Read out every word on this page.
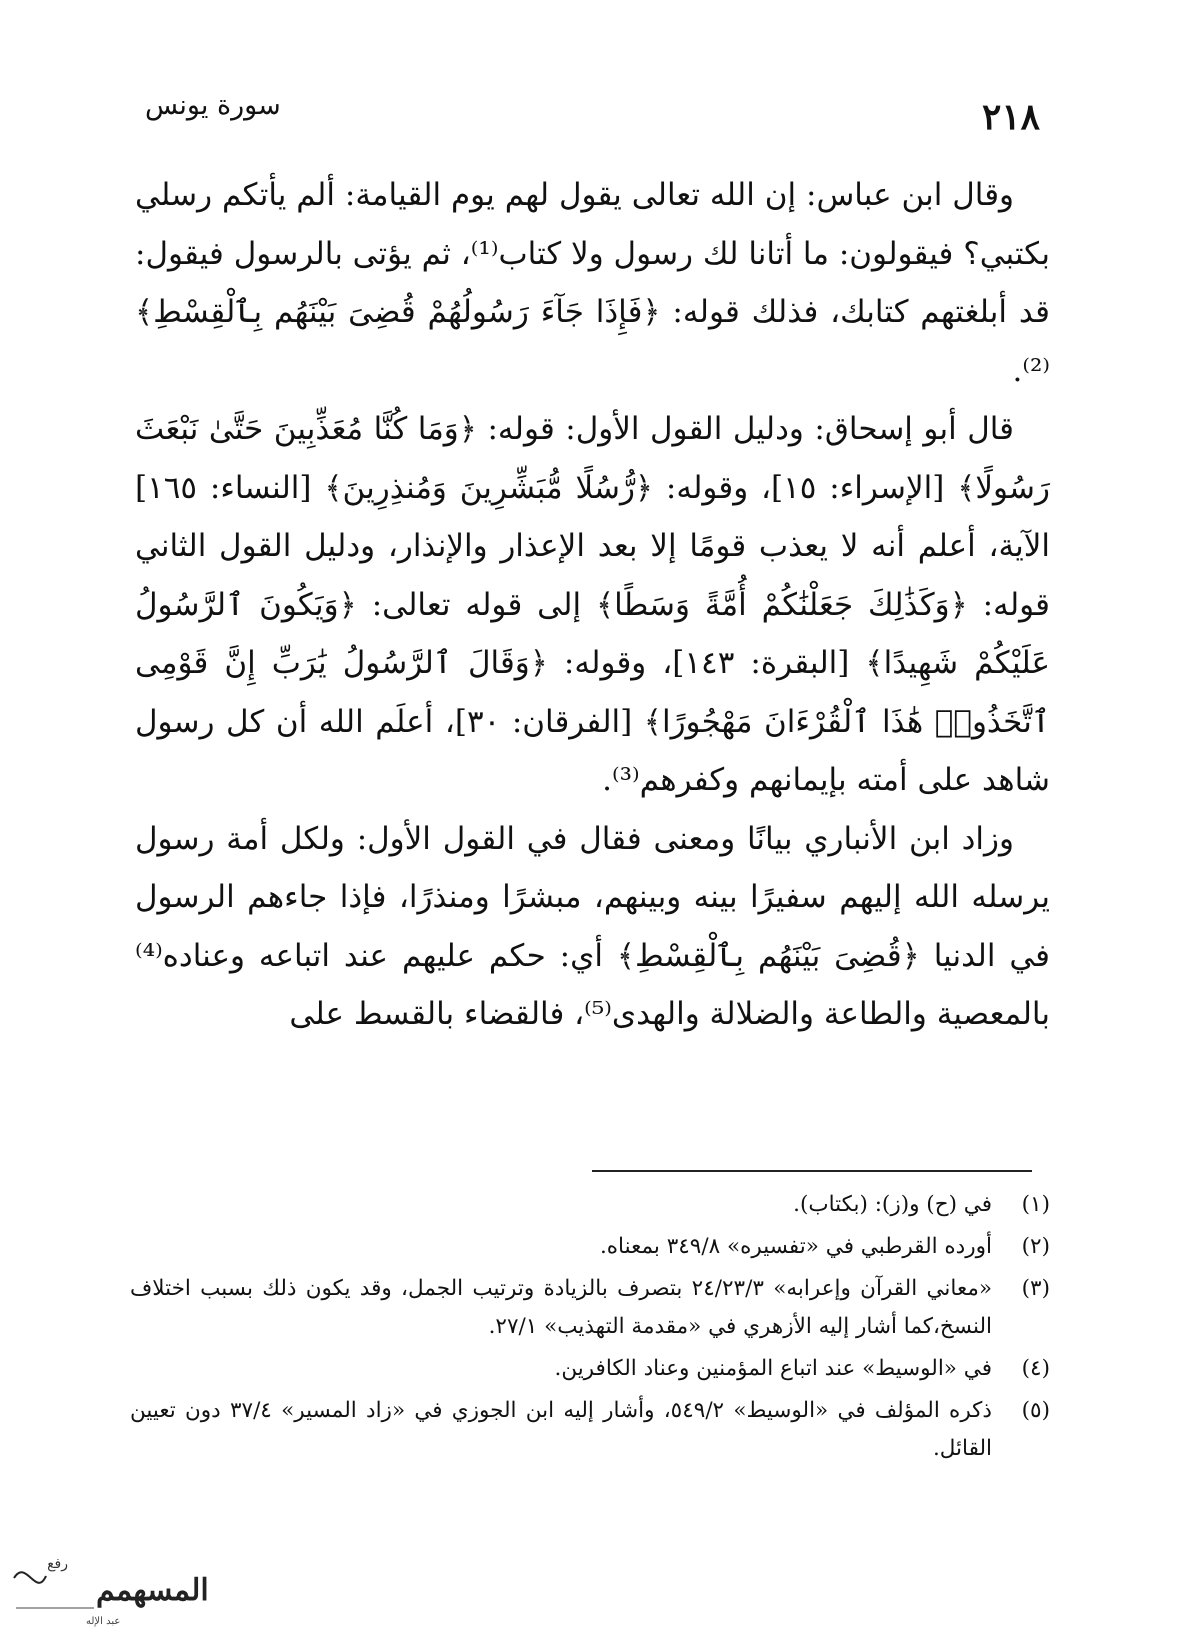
٢١٨
سورة يونس

وقال ابن عباس: إن الله تعالى يقول لهم يوم القيامة: ألم يأتكم رسلي بكتبي؟ فيقولون: ما أتانا لك رسول ولا كتاب⁽¹⁾، ثم يؤتى بالرسول فيقول: قد أبلغتهم كتابك، فذلك قوله: ﴿فَإِذَا جَآءَ رَسُولُهُمْ قُضِىَ بَيْنَهُم بِٱلْقِسْطِ﴾⁽²⁾.

قال أبو إسحاق: ودليل القول الأول: قوله: ﴿وَمَا كُنَّا مُعَذِّبِينَ حَتَّىٰ نَبْعَثَ رَسُولًا﴾ [الإسراء: ١٥]، وقوله: ﴿رُّسُلًا مُّبَشِّرِينَ وَمُنذِرِينَ﴾ [النساء: ١٦٥] الآية، أعلم أنه لا يعذب قومًا إلا بعد الإعذار والإنذار، ودليل القول الثاني قوله: ﴿وَكَذَٰلِكَ جَعَلْنَٰكُمْ أُمَّةً وَسَطًا﴾ إلى قوله تعالى: ﴿وَيَكُونَ ٱلرَّسُولُ عَلَيْكُمْ شَهِيدًا﴾ [البقرة: ١٤٣]، وقوله: ﴿وَقَالَ ٱلرَّسُولُ يَٰرَبِّ إِنَّ قَوْمِى ٱتَّخَذُوا۟ هَٰذَا ٱلْقُرْءَانَ مَهْجُورًا﴾ [الفرقان: ٣٠]، أعلَم الله أن كل رسول شاهد على أمته بإيمانهم وكفرهم⁽³⁾.

وزاد ابن الأنباري بيانًا ومعنى فقال في القول الأول: ولكل أمة رسول يرسله الله إليهم سفيرًا بينه وبينهم، مبشرًا ومنذرًا، فإذا جاءهم الرسول في الدنيا ﴿قُضِىَ بَيْنَهُم بِٱلْقِسْطِ﴾ أي: حكم عليهم عند اتباعه وعناده⁽⁴⁾ بالمعصية والطاعة والضلالة والهدى⁽⁵⁾، فالقضاء بالقسط على

(١)
في (ح) و(ز): (بكتاب).
(٢)
أورده القرطبي في «تفسيره» ٣٤٩/٨ بمعناه.
(٣)
«معاني القرآن وإعرابه» ٢٤/٢٣/٣ بتصرف بالزيادة وترتيب الجمل، وقد يكون ذلك بسبب اختلاف النسخ،كما أشار إليه الأزهري في «مقدمة التهذيب» ٢٧/١.
(٤)
في «الوسيط» عند اتباع المؤمنين وعناد الكافرين.
(٥)
ذكره المؤلف في «الوسيط» ٥٤٩/٢، وأشار إليه ابن الجوزي في «زاد المسير» ٣٧/٤ دون تعيين القائل.
رفع
المسهمم
عبد الإله
